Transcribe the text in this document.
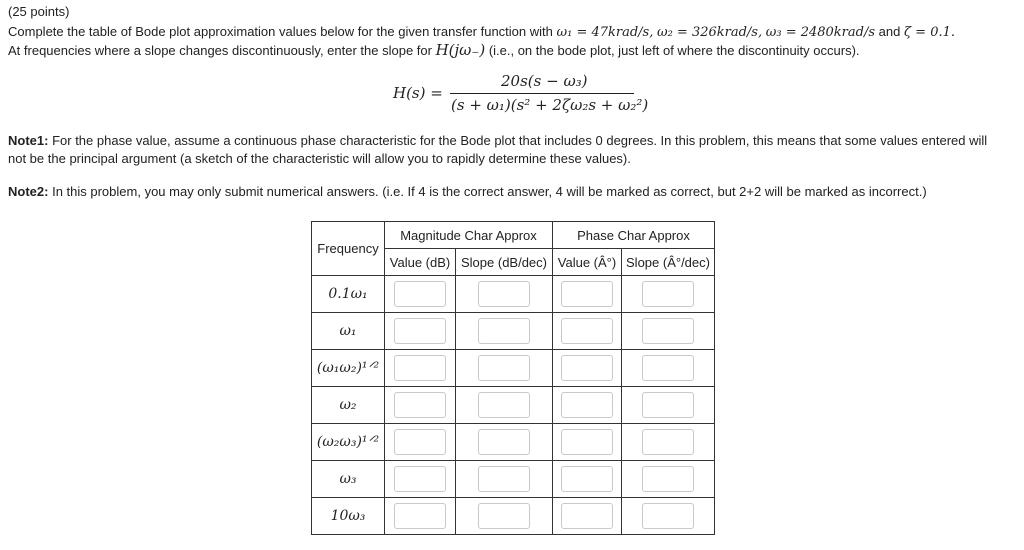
(25 points)
Complete the table of Bode plot approximation values below for the given transfer function with ω₁ = 47krad/s, ω₂ = 326krad/s, ω₃ = 2480krad/s and ζ = 0.1.
At frequencies where a slope changes discontinuously, enter the slope for H(jω₋) (i.e., on the bode plot, just left of where the discontinuity occurs).
H(s) =
20s(s − ω₃)
(s + ω₁)(s² + 2ζω₂s + ω₂²)
Note1: For the phase value, assume a continuous phase characteristic for the Bode plot that includes 0 degrees. In this problem, this means that some values entered will
not be the principal argument (a sketch of the characteristic will allow you to rapidly determine these values).
Note2: In this problem, you may only submit numerical answers. (i.e. If 4 is the correct answer, 4 will be marked as correct, but 2+2 will be marked as incorrect.)
Frequency	Magnitude Char Approx		Phase Char Approx	
	Value (dB)	Slope (dB/dec)	Value (Â°)	Slope (Â°/dec)
0.1ω₁				
ω₁				
(ω₁ω₂)¹ᐟ²				
ω₂				
(ω₂ω₃)¹ᐟ²				
ω₃				
10ω₃				
